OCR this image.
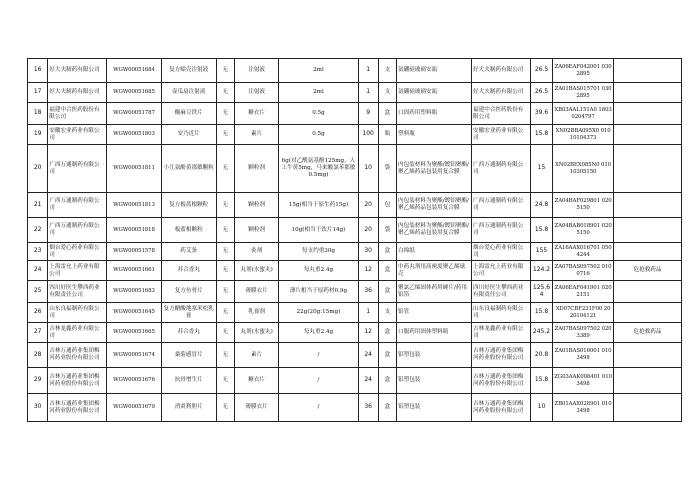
16	好大夫制药有限公司	WGW00051684	复方蛤壳注射液	无	注射液	2ml	1	支	氨硼硅玻璃安瓿	好大夫制药有限公司	26.5	ZA06EAF042001 0302895	
17	好大夫制药有限公司	WGW00051685	壶瓜扇注射液	无	注射液	2ml	1	支	氨硼硅玻璃安瓿	好大夫制药有限公司	26.5	ZA01BAS015701 0302895	
18	福建中合医药股份有限公司	WGW00051787	酸麻豆铁片	无	糖衣片	0.5g	9	盒	口固药用塑料瓶	福建中合医药股份有限公司	39.6	XB03AAL151A0 18030204797	
19	安徽宏业药业有限公司	WGW00051803	安乃近片	无	素片	0.5g	100	瓶	塑料瓶	安徽宏业药业有限公司	15.8	XN02BBA095X0 01010104373	
20	广西万通制药有限公司	WGW00051811	小儿氨酚黄那敏颗粒	无	颗粒剂	6g(对乙酰氨基酚125mg，人工牛黄5mg，马来酸氯苯那敏0.5mg)	10	袋	内包装材料为聚酯/镀铝聚酯/聚乙烯药品包装用复合膜	广西万通制药有限公司	15	XN02BEX085N0 01010305150	
21	广西万通制药有限公司	WGW00051813	复方板蓝根颗粒	无	颗粒剂	15g(相当于原生药15g)	20	包	内包装材料为聚酯/镀铝聚酯/聚乙烯药品包装用复合膜	广西万通制药有限公司	24.8	ZA04BAF029801 0205150	
22	广西万通制药有限公司	WGW00051818	板蓝根颗粒	无	颗粒剂	10g(相当于饮片14g)	20	袋	内包装材料为聚酯/镀铝聚酯/聚乙烯药品包装用复合膜	广西万通制药有限公司	15.8	ZA04BAB018901 0205150	
23	烟台爱心药业有限公司	WGW00051578	药艾条	无	灸剂	每支约重30g	30	盒	白绵纸	烟台爱心药业有限公司	155	ZA16AAX016701 0504244	
24	上海雷允上药业有限公司	WGW00051661	苏合香丸	无	丸剂(水蜜丸)	每丸重2.4g	12	盒	中药丸剂用高密度聚乙烯球壳	上海雷允上药业有限公司	124.2	ZA07BAS097502 0100716	危抢救药品
25	四川好医生攀西药业有限责任公司	WGW00051683	复方鱼骨片	无	薄膜衣片	薄片相当于原药材0.9g	36	盒	聚氯乙烯固体药用硬片/药用铝箔	四川好医生攀西药业有限责任公司	125.64	ZA06EAF041901 0202151	
26	山东良福制药有限公司	WGW00051645	复方醋酸地塞米松乳膏	无	乳膏剂	22g(20g:15mg)	1	支	铝管	山东良福制药有限公司	15.8	XD07CBF231F00 2020104121	
27	吉林龙鑫药业有限公司	WGW00051665	苏合香丸	无	丸剂(水蜜丸)	每丸重2.4g	12	盒	口服药用固体塑料瓶	吉林龙鑫药业有限公司	245.2	ZA07BAS097502 0203389	危抢救药品
28	吉林万通药业集团梅河药业股份有限公司	WGW00051674	桑菊感冒片	无	素片	/	24	盒	铝塑包装	吉林万通药业集团梅河药业股份有限公司	20.8	ZA01BAS016001 0103498	
29	吉林万通药业集团梅河药业股份有限公司	WGW00051676	抗骨增生片	无	糖衣片	/	24	盒	铝塑包装	吉林万通药业集团梅河药业股份有限公司	15.8	ZG03AAK008401 0103498	
30	吉林万通药业集团梅河药业股份有限公司	WGW00051679	消炎利胆片	无	薄膜衣片	/	36	盒	铝塑包装	吉林万通药业集团梅河药业股份有限公司	10	ZB01AAX028901 0103498	
